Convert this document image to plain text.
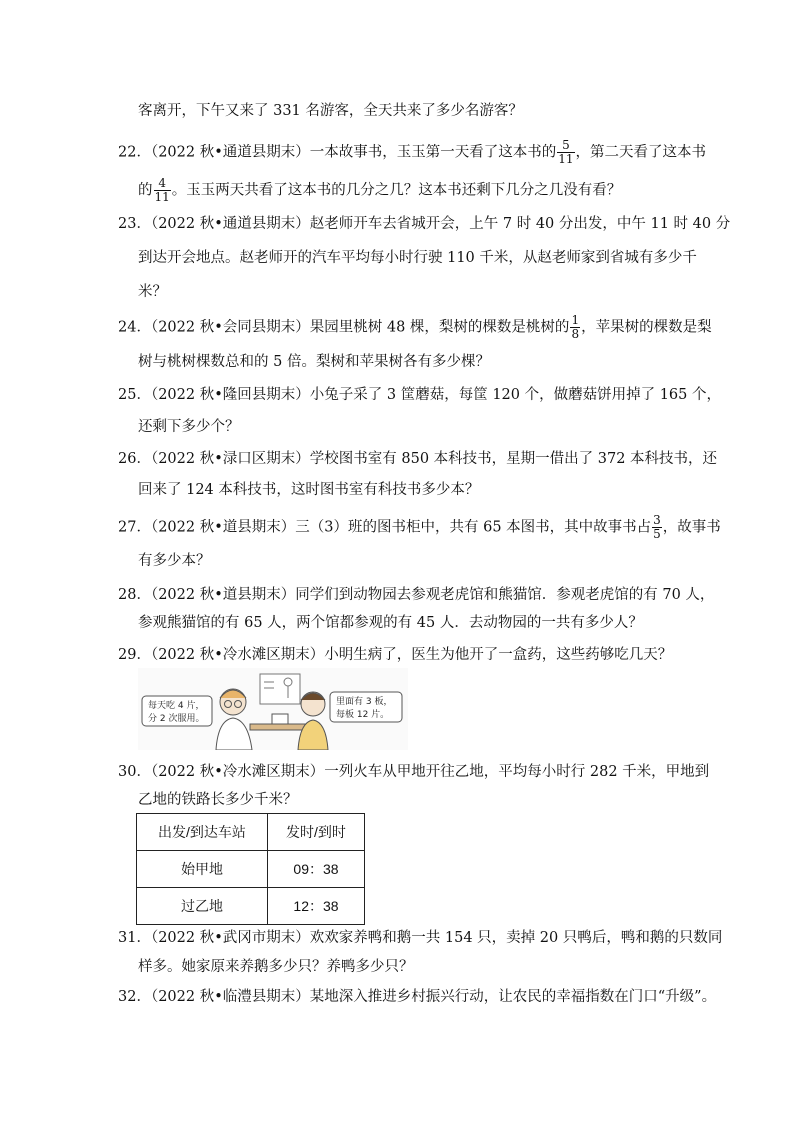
客离开，下午又来了 331 名游客，全天共来了多少名游客？
22．（2022 秋•通道县期末）一本故事书，玉玉第一天看了这本书的 $\frac{5}{11}$ ，第二天看了这本书
的 $\frac{4}{11}$ 。玉玉两天共看了这本书的几分之几？这本书还剩下几分之几没有看？
23．（2022 秋•通道县期末）赵老师开车去省城开会，上午 7 时 40 分出发，中午 11 时 40 分
到达开会地点。赵老师开的汽车平均每小时行驶 110 千米，从赵老师家到省城有多少千
米？
24．（2022 秋•会同县期末）果园里桃树 48 棵，梨树的棵数是桃树的 $\frac{1}{8}$ ，苹果树的棵数是梨
树与桃树棵数总和的 5 倍。梨树和苹果树各有多少棵？
25．（2022 秋•隆回县期末）小兔子采了 3 筐蘑菇，每筐 120 个，做蘑菇饼用掉了 165 个，
还剩下多少个？
26．（2022 秋•渌口区期末）学校图书室有 850 本科技书，星期一借出了 372 本科技书，还
回来了 124 本科技书，这时图书室有科技书多少本？
27．（2022 秋•道县期末）三（3）班的图书柜中，共有 65 本图书，其中故事书占 $\frac{3}{5}$ ，故事书
有多少本？
28．（2022 秋•道县期末）同学们到动物园去参观老虎馆和熊猫馆．参观老虎馆的有 70 人，
参观熊猫馆的有 65 人，两个馆都参观的有 45 人．去动物园的一共有多少人？
29．（2022 秋•冷水滩区期末）小明生病了，医生为他开了一盒药，这些药够吃几天？
每天吃 4 片，
分 2 次服用。
里面有 3 板，
每板 12 片。
30．（2022 秋•冷水滩区期末）一列火车从甲地开往乙地，平均每小时行 282 千米，甲地到
乙地的铁路长多少千米？
出发/到达车站	发时/到时
始甲地	09：38
过乙地	12：38
31．（2022 秋•武冈市期末）欢欢家养鸭和鹅一共 154 只，卖掉 20 只鸭后，鸭和鹅的只数同
样多。她家原来养鹅多少只？养鸭多少只？
32．（2022 秋•临澧县期末）某地深入推进乡村振兴行动，让农民的幸福指数在门口“升级”。
